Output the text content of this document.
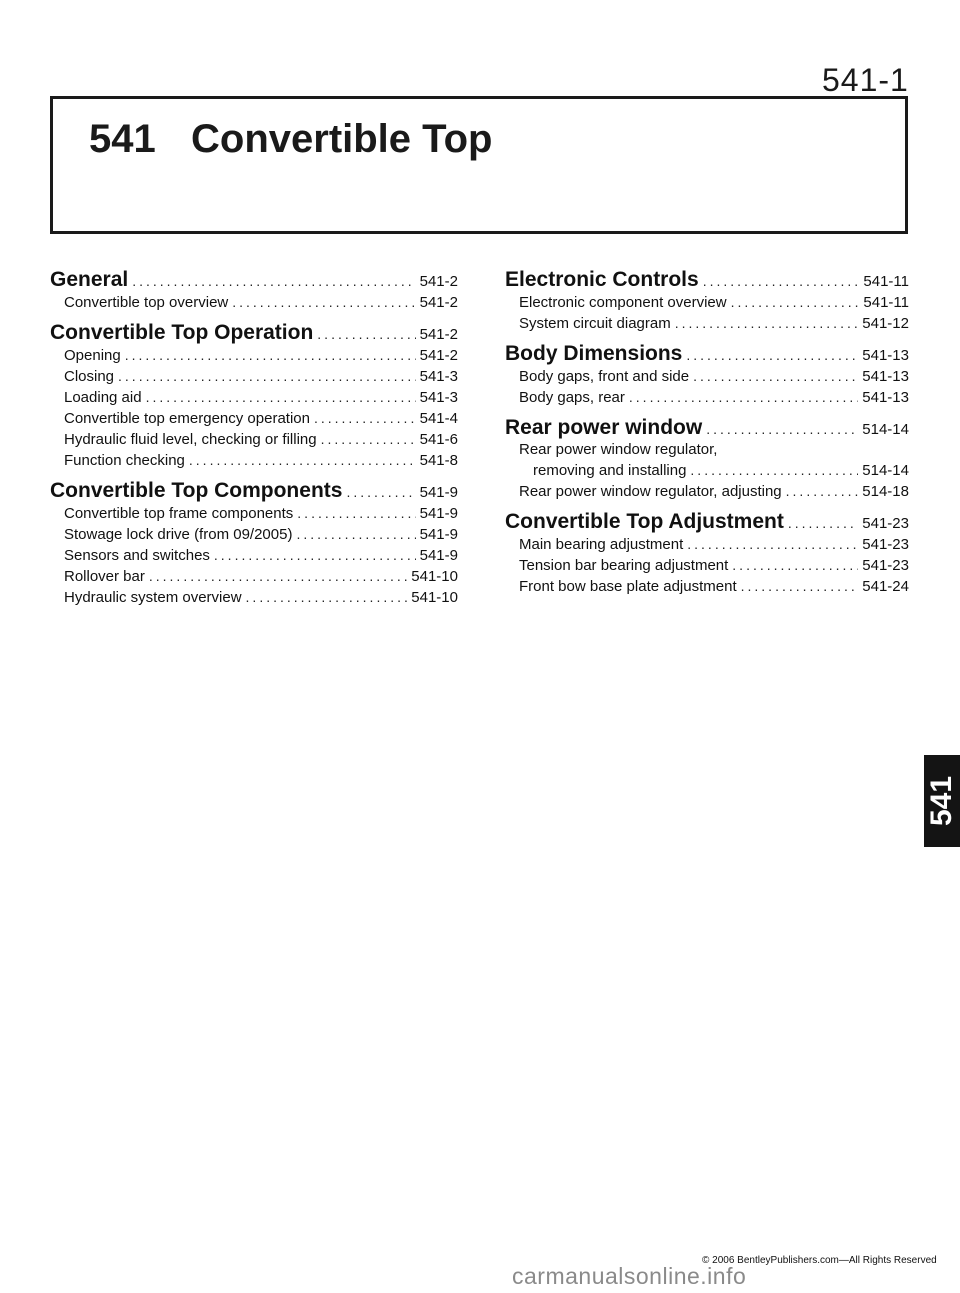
541-1
541 Convertible Top
General .....	541-2
Convertible top overview .....	541-2
Convertible Top Operation .....	541-2
Opening .....	541-2
Closing .....	541-3
Loading aid .....	541-3
Convertible top emergency operation .....	541-4
Hydraulic fluid level, checking or filling .....	541-6
Function checking .....	541-8
Convertible Top Components .....	541-9
Convertible top frame components .....	541-9
Stowage lock drive (from 09/2005) .....	541-9
Sensors and switches .....	541-9
Rollover bar .....	541-10
Hydraulic system overview .....	541-10
Electronic Controls .....	541-11
Electronic component overview .....	541-11
System circuit diagram .....	541-12
Body Dimensions .....	541-13
Body gaps, front and side .....	541-13
Body gaps, rear .....	541-13
Rear power window .....	514-14
Rear power window regulator,
removing and installing .....	514-14
Rear power window regulator, adjusting .....	514-18
Convertible Top Adjustment .....	541-23
Main bearing adjustment .....	541-23
Tension bar bearing adjustment .....	541-23
Front bow base plate adjustment .....	541-24
541
© 2006 BentleyPublishers.com—All Rights Reserved
carmanualsonline.info
